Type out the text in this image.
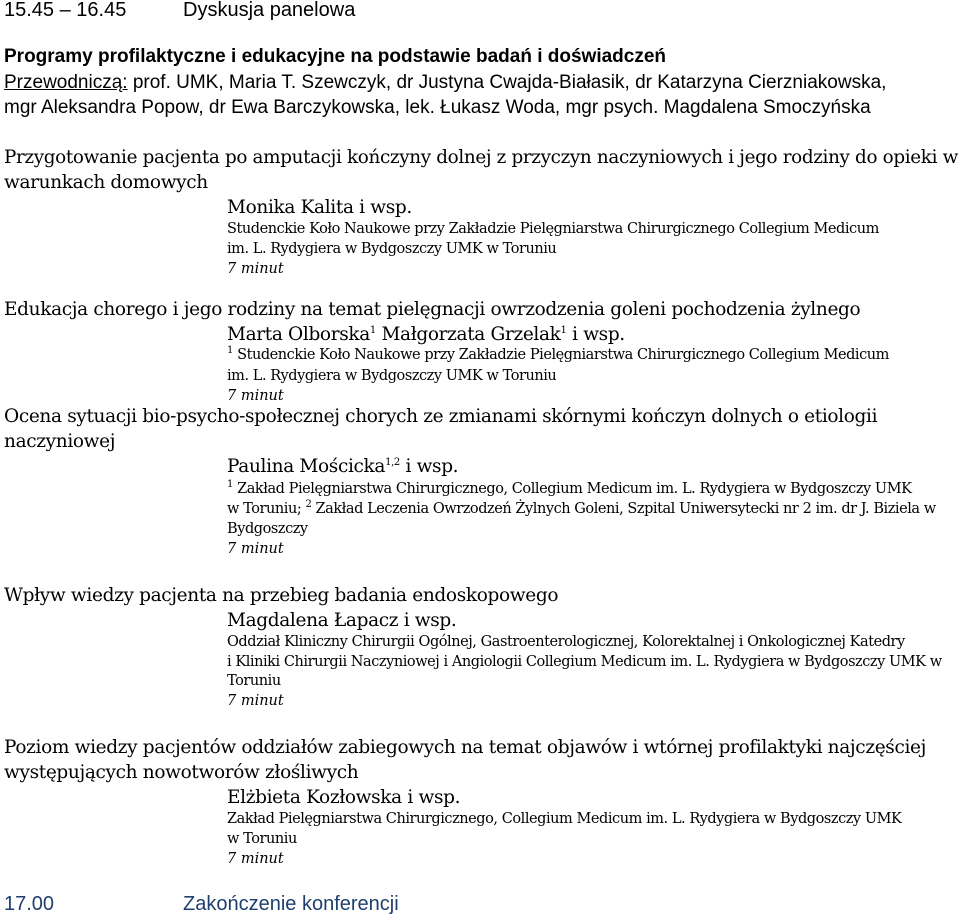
15.45 – 16.45	Dyskusja panelowa
Programy profilaktyczne i edukacyjne na podstawie badań i doświadczeń
Przewodniczą: prof. UMK, Maria T. Szewczyk, dr Justyna Cwajda-Białasik, dr Katarzyna Cierzniakowska,
mgr Aleksandra Popow, dr Ewa Barczykowska, lek. Łukasz Woda, mgr psych. Magdalena Smoczyńska
Przygotowanie pacjenta po amputacji kończyny dolnej z przyczyn naczyniowych i jego rodziny do opieki w
warunkach domowych
Monika Kalita i wsp.
Studenckie Koło Naukowe przy Zakładzie Pielęgniarstwa Chirurgicznego Collegium Medicum
im. L. Rydygiera w Bydgoszczy UMK w Toruniu
7 minut
Edukacja chorego i jego rodziny na temat pielęgnacji owrzodzenia goleni pochodzenia żylnego
Marta Olborska$^1$ Małgorzata Grzelak$^1$ i wsp.
$^1$ Studenckie Koło Naukowe przy Zakładzie Pielęgniarstwa Chirurgicznego Collegium Medicum
im. L. Rydygiera w Bydgoszczy UMK w Toruniu
7 minut
Ocena sytuacji bio-psycho-społecznej chorych ze zmianami skórnymi kończyn dolnych o etiologii
naczyniowej
Paulina Mościcka$^{1,2}$ i wsp.
$^1$ Zakład Pielęgniarstwa Chirurgicznego, Collegium Medicum im. L. Rydygiera w Bydgoszczy UMK
w Toruniu; $^2$ Zakład Leczenia Owrzodzeń Żylnych Goleni, Szpital Uniwersytecki nr 2 im. dr J. Biziela w
Bydgoszczy
7 minut
Wpływ wiedzy pacjenta na przebieg badania endoskopowego
Magdalena Łapacz i wsp.
Oddział Kliniczny Chirurgii Ogólnej, Gastroenterologicznej, Kolorektalnej i Onkologicznej Katedry
i Kliniki Chirurgii Naczyniowej i Angiologii Collegium Medicum im. L. Rydygiera w Bydgoszczy UMK w
Toruniu
7 minut
Poziom wiedzy pacjentów oddziałów zabiegowych na temat objawów i wtórnej profilaktyki najczęściej
występujących nowotworów złośliwych
Elżbieta Kozłowska i wsp.
Zakład Pielęgniarstwa Chirurgicznego, Collegium Medicum im. L. Rydygiera w Bydgoszczy UMK
w Toruniu
7 minut
17.00	Zakończenie konferencji
